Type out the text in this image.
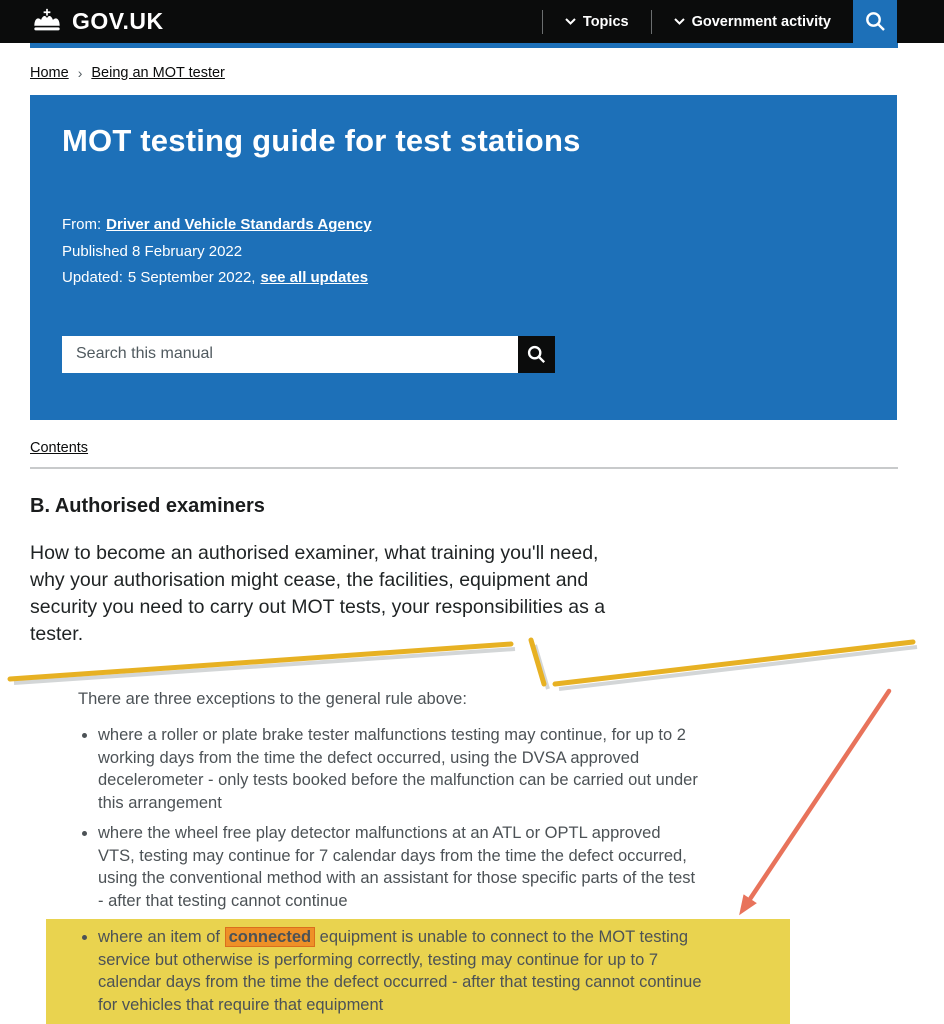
GOV.UK	Topics	Government activity
Home › Being an MOT tester
MOT testing guide for test stations
From: Driver and Vehicle Standards Agency
Published 8 February 2022
Updated: 5 September 2022, see all updates
Search this manual
Contents
B. Authorised examiners

How to become an authorised examiner, what training you'll need, why your authorisation might cease, the facilities, equipment and security you need to carry out MOT tests, your responsibilities as a tester.

There are three exceptions to the general rule above:

• where a roller or plate brake tester malfunctions testing may continue, for up to 2 working days from the time the defect occurred, using the DVSA approved decelerometer - only tests booked before the malfunction can be carried out under this arrangement
• where the wheel free play detector malfunctions at an ATL or OPTL approved VTS, testing may continue for 7 calendar days from the time the defect occurred, using the conventional method with an assistant for those specific parts of the test - after that testing cannot continue
• where an item of connected equipment is unable to connect to the MOT testing service but otherwise is performing correctly, testing may continue for up to 7 calendar days from the time the defect occurred - after that testing cannot continue for vehicles that require that equipment
